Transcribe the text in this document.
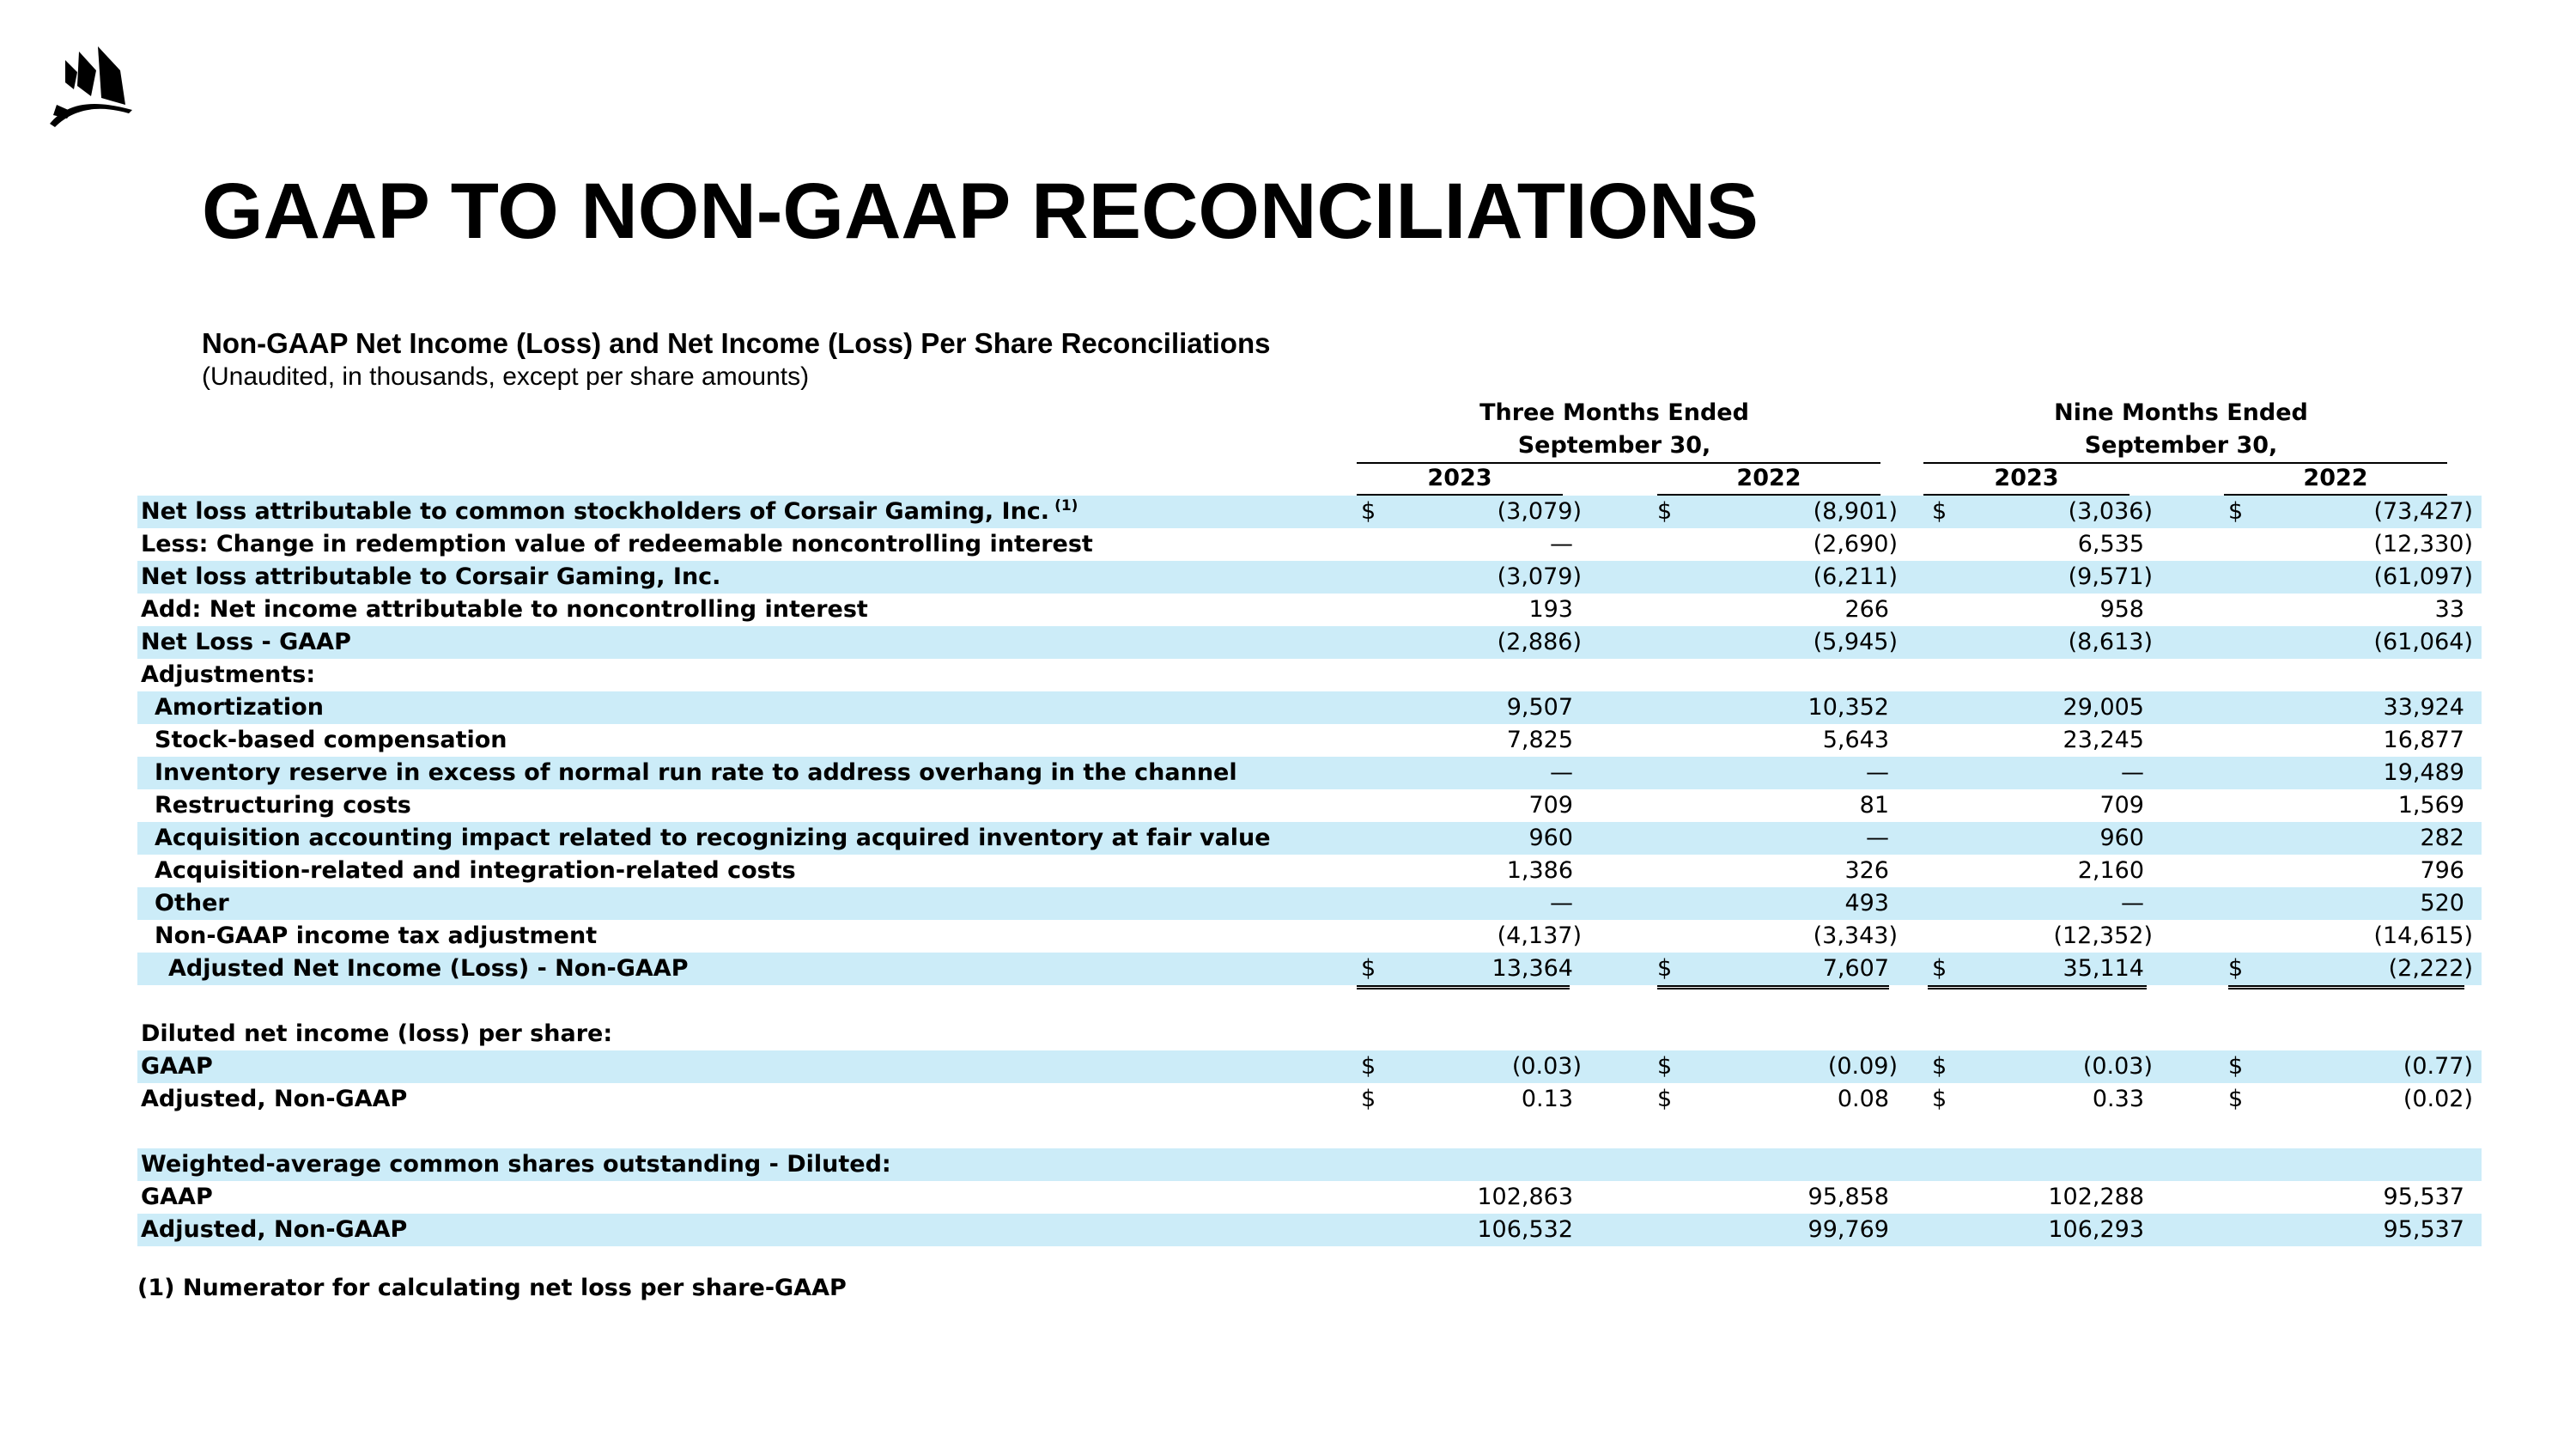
GAAP TO NON-GAAP RECONCILIATIONS
Non-GAAP Net Income (Loss) and Net Income (Loss) Per Share Reconciliations
(Unaudited, in thousands, except per share amounts)
Three Months Ended
September 30,
Nine Months Ended
September 30,
2023	2022	2023	2022
Net loss attributable to common stockholders of Corsair Gaming, Inc. $^{(1)}$	$	(3,079)	$	(8,901) $	(3,036)	$	(73,427)
Less: Change in redemption value of redeemable noncontrolling interest	—	(2,690)	6,535	(12,330)
Net loss attributable to Corsair Gaming, Inc.	(3,079)	(6,211)	(9,571)	(61,097)
Add: Net income attributable to noncontrolling interest	193	266	958	33
Net Loss - GAAP	(2,886)	(5,945)	(8,613)	(61,064)
Adjustments:
Amortization	9,507	10,352	29,005	33,924
Stock-based compensation	7,825	5,643	23,245	16,877
Inventory reserve in excess of normal run rate to address overhang in the channel	—	—	—	19,489
Restructuring costs	709	81	709	1,569
Acquisition accounting impact related to recognizing acquired inventory at fair value	960	—	960	282
Acquisition-related and integration-related costs	1,386	326	2,160	796
Other	—	493	—	520
Non-GAAP income tax adjustment	(4,137)	(3,343)	(12,352)	(14,615)
Adjusted Net Income (Loss) - Non-GAAP	$	13,364	$	7,607 $	35,114	$	(2,222)
Diluted net income (loss) per share:
GAAP	$	(0.03)	$	(0.09) $	(0.03)	$	(0.77)
Adjusted, Non-GAAP	$	0.13	$	0.08 $	0.33	$	(0.02)
Weighted-average common shares outstanding - Diluted:
GAAP	102,863	95,858	102,288	95,537
Adjusted, Non-GAAP	106,532	99,769	106,293	95,537
(1) Numerator for calculating net loss per share-GAAP
